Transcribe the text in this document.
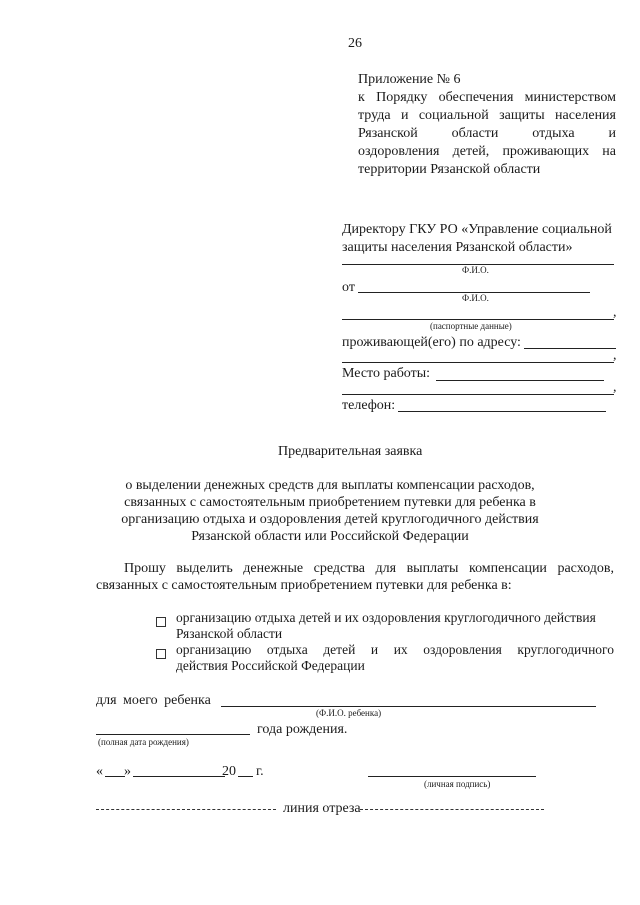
26
Приложение № 6
к Порядку обеспечения министерством
труда и социальной защиты населения
Рязанской области отдыха и
оздоровления детей, проживающих на
территории Рязанской области
Директору ГКУ РО «Управление социальной
защиты населения Рязанской области»
Ф.И.О.
от
Ф.И.О.
,
(паспортные данные)
проживающей(его) по адресу:
,
Место работы:
,
телефон:
Предварительная заявка
о выделении денежных средств для выплаты компенсации расходов,
связанных с самостоятельным приобретением путевки для ребенка в
организацию отдыха и оздоровления детей круглогодичного действия
Рязанской области или Российской Федерации
Прошу выделить денежные средства для выплаты компенсации расходов,
связанных с самостоятельным приобретением путевки для ребенка в:
организацию отдыха детей и их оздоровления круглогодичного действия
Рязанской области
организацию отдыха детей и их оздоровления круглогодичного
действия Российской Федерации
для моего ребенка
(Ф.И.О. ребенка)
года рождения.
(полная дата рождения)
« »	20 г.
(личная подпись)
линия отреза
